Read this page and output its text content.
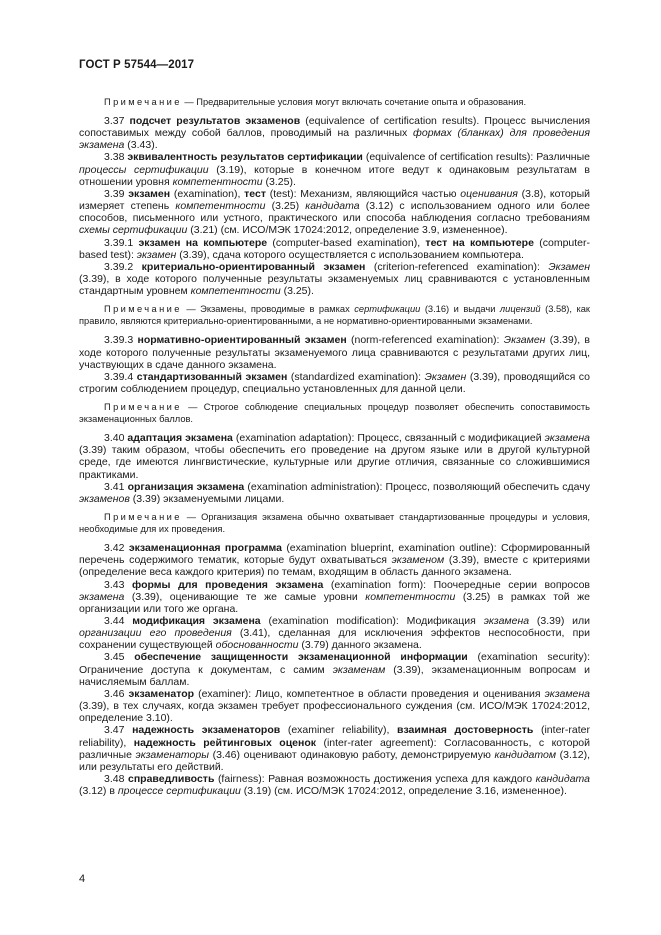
ГОСТ Р 57544—2017

Примечание — Предварительные условия могут включать сочетание опыта и образования.

3.37 подсчет результатов экзаменов (equivalence of certification results). Процесс вычисления сопоставимых между собой баллов, проводимый на различных формах (бланках) для проведения экзамена (3.43).

3.38 эквивалентность результатов сертификации (equivalence of certification results): Различные процессы сертификации (3.19), которые в конечном итоге ведут к одинаковым результатам в отношении уровня компетентности (3.25).

3.39 экзамен (examination), тест (test): Механизм, являющийся частью оценивания (3.8), который измеряет степень компетентности (3.25) кандидата (3.12) с использованием одного или более способов, письменного или устного, практического или способа наблюдения согласно требованиям схемы сертификации (3.21) (см. ИСО/МЭК 17024:2012, определение 3.9, измененное).

3.39.1 экзамен на компьютере (computer-based examination), тест на компьютере (computer-based test): экзамен (3.39), сдача которого осуществляется с использованием компьютера.

3.39.2 критериально-ориентированный экзамен (criterion-referenced examination): Экзамен (3.39), в ходе которого полученные результаты экзаменуемых лиц сравниваются с установленным стандартным уровнем компетентности (3.25).

Примечание — Экзамены, проводимые в рамках сертификации (3.16) и выдачи лицензий (3.58), как правило, являются критериально-ориентированными, а не нормативно-ориентированными экзаменами.

3.39.3 нормативно-ориентированный экзамен (norm-referenced examination): Экзамен (3.39), в ходе которого полученные результаты экзаменуемого лица сравниваются с результатами других лиц, участвующих в сдаче данного экзамена.

3.39.4 стандартизованный экзамен (standardized examination): Экзамен (3.39), проводящийся со строгим соблюдением процедур, специально установленных для данной цели.

Примечание — Строгое соблюдение специальных процедур позволяет обеспечить сопоставимость экзаменационных баллов.

3.40 адаптация экзамена (examination adaptation): Процесс, связанный с модификацией экзамена (3.39) таким образом, чтобы обеспечить его проведение на другом языке или в другой культурной среде, где имеются лингвистические, культурные или другие отличия, связанные со сложившимися практиками.

3.41 организация экзамена (examination administration): Процесс, позволяющий обеспечить сдачу экзаменов (3.39) экзаменуемыми лицами.

Примечание — Организация экзамена обычно охватывает стандартизованные процедуры и условия, необходимые для их проведения.

3.42 экзаменационная программа (examination blueprint, examination outline): Сформированный перечень содержимого тематик, которые будут охватываться экзаменом (3.39), вместе с критериями (определение веса каждого критерия) по темам, входящим в область данного экзамена.

3.43 формы для проведения экзамена (examination form): Поочередные серии вопросов экзамена (3.39), оценивающие те же самые уровни компетентности (3.25) в рамках той же организации или того же органа.

3.44 модификация экзамена (examination modification): Модификация экзамена (3.39) или организации его проведения (3.41), сделанная для исключения эффектов неспособности, при сохранении существующей обоснованности (3.79) данного экзамена.

3.45 обеспечение защищенности экзаменационной информации (examination security): Ограничение доступа к документам, с самим экзаменам (3.39), экзаменационным вопросам и начисляемым баллам.

3.46 экзаменатор (examiner): Лицо, компетентное в области проведения и оценивания экзамена (3.39), в тех случаях, когда экзамен требует профессионального суждения (см. ИСО/МЭК 17024:2012, определение 3.10).

3.47 надежность экзаменаторов (examiner reliability), взаимная достоверность (inter-rater reliability), надежность рейтинговых оценок (inter-rater agreement): Согласованность, с которой различные экзаменаторы (3.46) оценивают одинаковую работу, демонстрируемую кандидатом (3.12), или результаты его действий.

3.48 справедливость (fairness): Равная возможность достижения успеха для каждого кандидата (3.12) в процессе сертификации (3.19) (см. ИСО/МЭК 17024:2012, определение 3.16, измененное).

4
